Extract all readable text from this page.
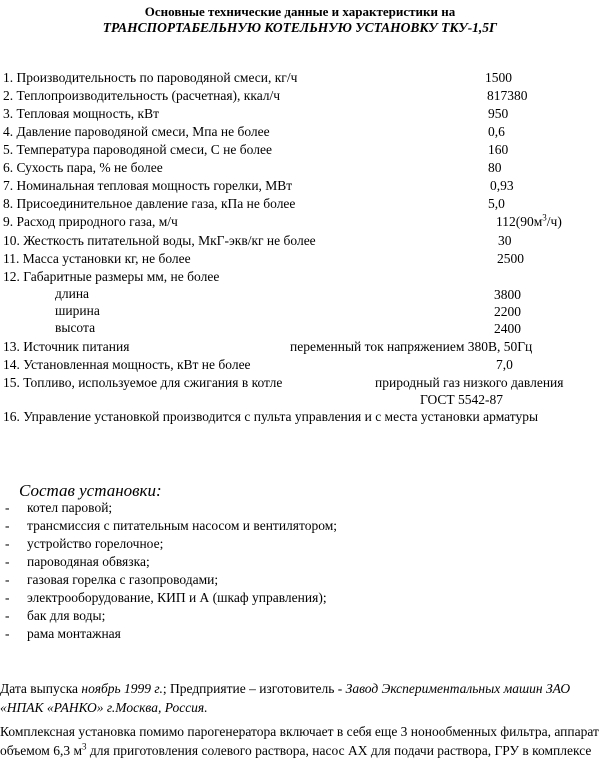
Основные технические данные и характеристики на
ТРАНСПОРТАБЕЛЬНУЮ КОТЕЛЬНУЮ УСТАНОВКУ ТКУ-1,5Г
1. Производительность по пароводяной смеси, кг/ч	1500
2. Теплопроизводительность (расчетная), ккал/ч	817380
3. Тепловая мощность, кВт	950
4. Давление пароводяной смеси, Мпа не более	0,6
5. Температура пароводяной смеси, С не более	160
6. Сухость пара, % не более	80
7. Номинальная тепловая мощность горелки, МВт	0,93
8. Присоединительное давление газа, кПа не более	5,0
9. Расход природного газа, м/ч	$112(90м^3/ч)$
10. Жесткость питательной воды, МкГ-экв/кг не более	30
11. Масса установки кг, не более	2500
12. Габаритные размеры мм, не более
длина	3800
ширина	2200
высота	2400
13. Источник питания	переменный ток напряжением 380В, 50Гц
14. Установленная мощность, кВт не более	7,0
15. Топливо, используемое для сжигания в котле	природный газ низкого давления
ГОСТ 5542-87
16. Управление установкой производится с пульта управления и с места установки арматуры
Состав установки:
- котел паровой;
- трансмиссия с питательным насосом и вентилятором;
- устройство горелочное;
- пароводяная обвязка;
- газовая горелка с газопроводами;
- электрооборудование, КИП и А (шкаф управления);
- бак для воды;
- рама монтажная
Дата выпуска ноябрь 1999 г.; Предприятие – изготовитель - Завод Экспериментальных машин ЗАО «НПАК «РАНКО» г.Москва, Россия.
Комплексная установка помимо парогенератора включает в себя еще 3 нонообменных фильтра, аппарат объемом 6,3 $м^3$ для приготовления солевого раствора, насос АХ для подачи раствора, ГРУ в комплексе
